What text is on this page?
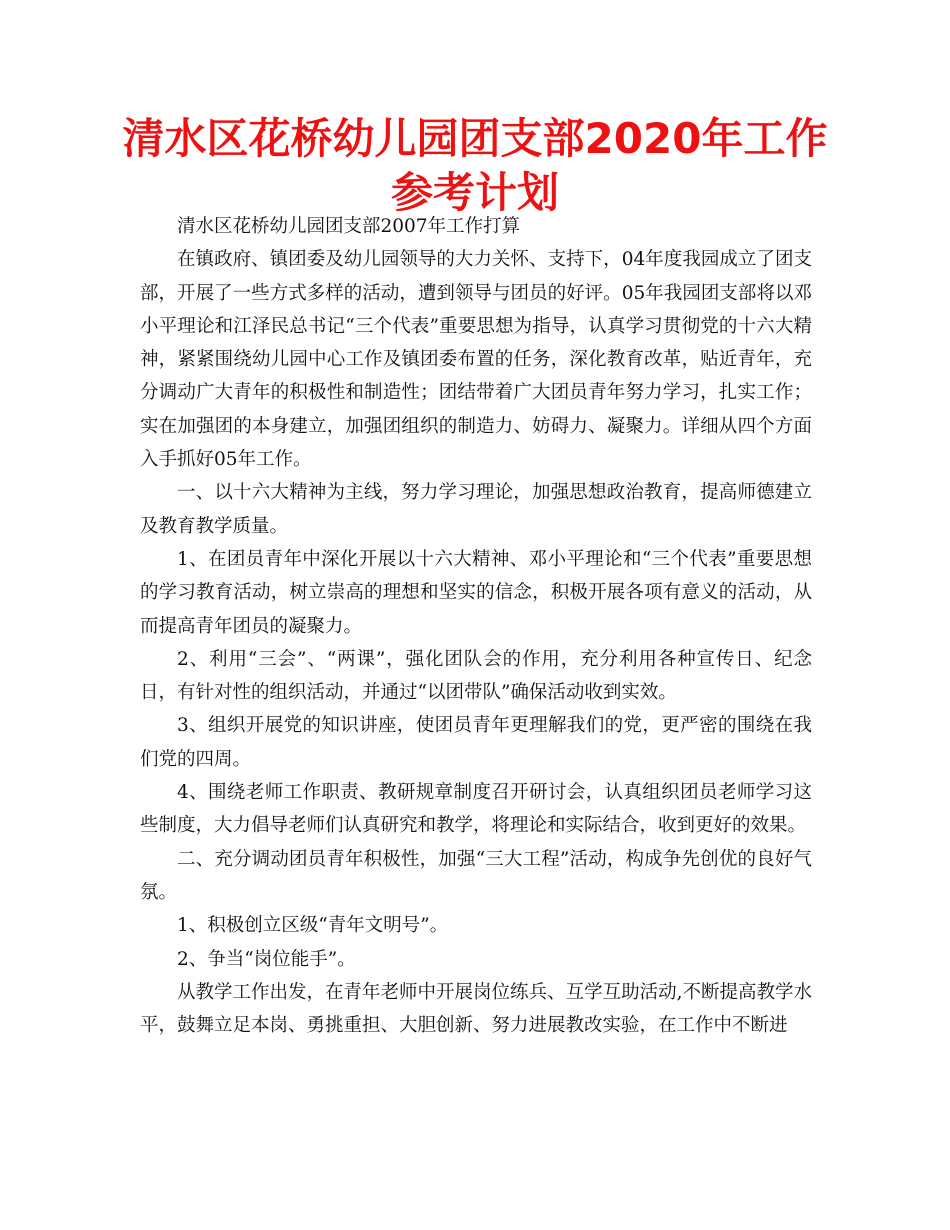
清水区花桥幼儿园团支部2020年工作参考计划

清水区花桥幼儿园团支部2007年工作打算

在镇政府、镇团委及幼儿园领导的大力关怀、支持下，04年度我园成立了团支部，开展了一些方式多样的活动，遭到领导与团员的好评。05年我园团支部将以邓小平理论和江泽民总书记“三个代表”重要思想为指导，认真学习贯彻党的十六大精神，紧紧围绕幼儿园中心工作及镇团委布置的任务，深化教育改革，贴近青年，充分调动广大青年的积极性和制造性；团结带着广大团员青年努力学习，扎实工作；实在加强团的本身建立，加强团组织的制造力、妨碍力、凝聚力。详细从四个方面入手抓好05年工作。

一、以十六大精神为主线，努力学习理论，加强思想政治教育，提高师德建立及教育教学质量。

1、在团员青年中深化开展以十六大精神、邓小平理论和“三个代表”重要思想的学习教育活动，树立崇高的理想和坚实的信念，积极开展各项有意义的活动，从而提高青年团员的凝聚力。

2、利用“三会”、“两课”，强化团队会的作用，充分利用各种宣传日、纪念日，有针对性的组织活动，并通过“以团带队”确保活动收到实效。

3、组织开展党的知识讲座，使团员青年更理解我们的党，更严密的围绕在我们党的四周。

4、围绕老师工作职责、教研规章制度召开研讨会，认真组织团员老师学习这些制度，大力倡导老师们认真研究和教学，将理论和实际结合，收到更好的效果。

二、充分调动团员青年积极性，加强“三大工程”活动，构成争先创优的良好气氛。

1、积极创立区级“青年文明号”。

2、争当“岗位能手”。

从教学工作出发，在青年老师中开展岗位练兵、互学互助活动,不断提高教学水平，鼓舞立足本岗、勇挑重担、大胆创新、努力进展教改实验，在工作中不断进
